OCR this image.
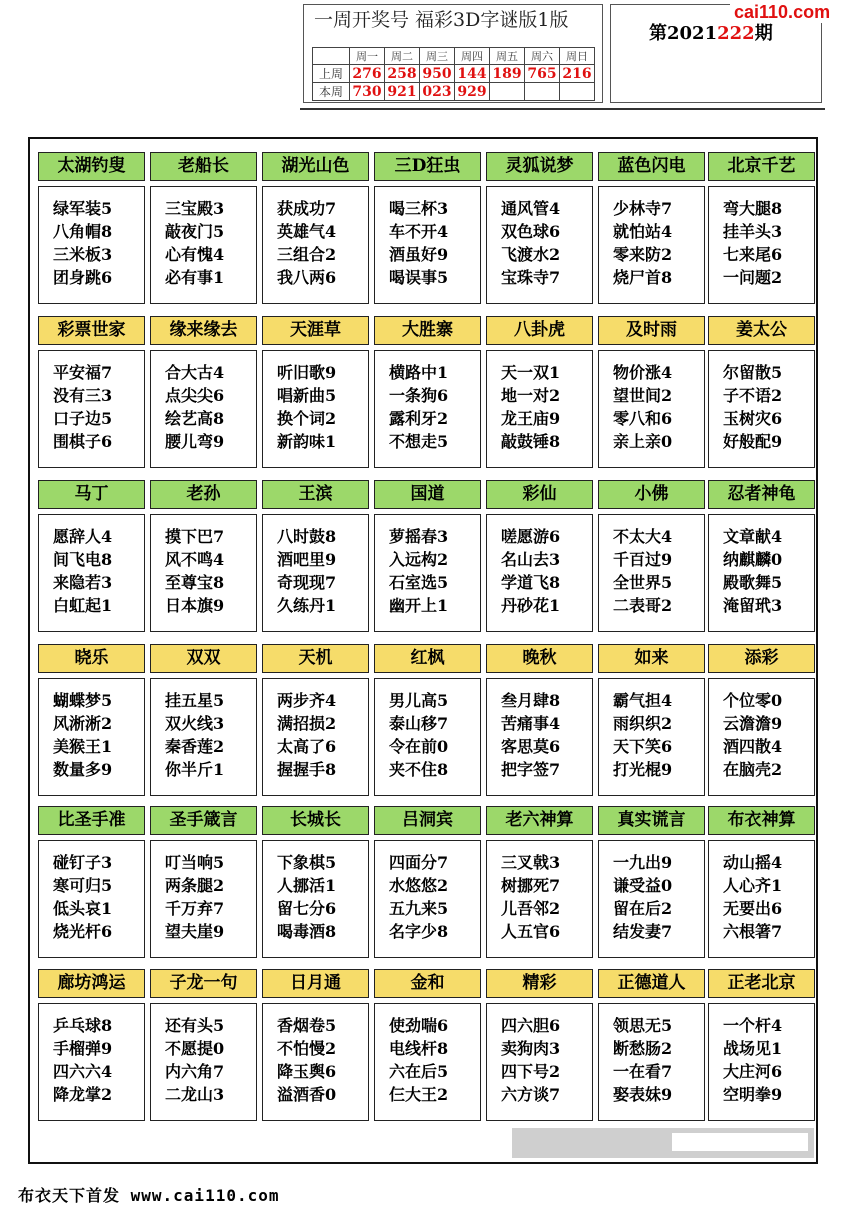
一周开奖号 福彩3D字谜版1版
	周一	周二	周三	周四	周五	周六	周日
上周	276	258	950	144	189	765	216
本周	730	921	023	929			
第2021222期
cai110.com
太湖钓叟
绿军装5
八角帽8
三米板3
团身跳6
老船长
三宝殿3
敲夜门5
心有愧4
必有事1
湖光山色
获成功7
英雄气4
三组合2
我八两6
三D狂虫
喝三杯3
车不开4
酒虽好9
喝误事5
灵狐说梦
通风管4
双色球6
飞渡水2
宝珠寺7
蓝色闪电
少林寺7
就怕站4
零来防2
烧尸首8
北京千艺
弯大腿8
挂羊头3
七来尾6
一问题2
彩票世家
平安福7
没有三3
口子边5
围棋子6
缘来缘去
合大古4
点尖尖6
绘艺高8
腰儿弯9
天涯草
听旧歌9
唱新曲5
换个词2
新韵味1
大胜寨
横路中1
一条狗6
露利牙2
不想走5
八卦虎
天一双1
地一对2
龙王庙9
敲鼓锤8
及时雨
物价涨4
望世间2
零八和6
亲上亲0
姜太公
尔留散5
子不语2
玉树灾6
好般配9
马丁
愿辞人4
间飞电8
来隐若3
白虹起1
老孙
摸下巴7
风不鸣4
至尊宝8
日本旗9
王滨
八时鼓8
酒吧里9
奇现现7
久练丹1
国道
萝摇春3
入远构2
石室选5
幽开上1
彩仙
嗟愿游6
名山去3
学道飞8
丹砂花1
小佛
不太大4
千百过9
全世界5
二表哥2
忍者神龟
文章献4
纳麒麟0
殿歌舞5
淹留玳3
晓乐
蝴蝶梦5
风淅淅2
美猴王1
数量多9
双双
挂五星5
双火线3
秦香莲2
你半斤1
天机
两步齐4
满招损2
太高了6
握握手8
红枫
男儿高5
泰山移7
令在前0
夹不住8
晚秋
叁月肆8
苦痛事4
客思莫6
把字签7
如来
霸气担4
雨织织2
天下笑6
打光棍9
添彩
个位零0
云澹澹9
酒四散4
在脑壳2
比圣手准
碰钉子3
寒可归5
低头哀1
烧光杆6
圣手箴言
叮当响5
两条腿2
千万弃7
望夫崖9
长城长
下象棋5
人挪活1
留七分6
喝毒酒8
吕洞宾
四面分7
水悠悠2
五九来5
名字少8
老六神算
三叉戟3
树挪死7
儿吾邻2
人五官6
真实谎言
一九出9
谦受益0
留在后2
结发妻7
布衣神算
动山摇4
人心齐1
无要出6
六根箸7
廊坊鸿运
乒乓球8
手榴弹9
四六六4
降龙掌2
子龙一句
还有头5
不愿提0
内六角7
二龙山3
日月通
香烟卷5
不怕慢2
降玉舆6
溢酒香0
金和
使劲喘6
电线杆8
六在后5
仨大王2
精彩
四六胆6
卖狗肉3
四下号2
六方谈7
正德道人
领思无5
断愁肠2
一在看7
娶表妹9
正老北京
一个杆4
战场见1
大庄河6
空明拳9
布衣天下首发 www.cai110.com
